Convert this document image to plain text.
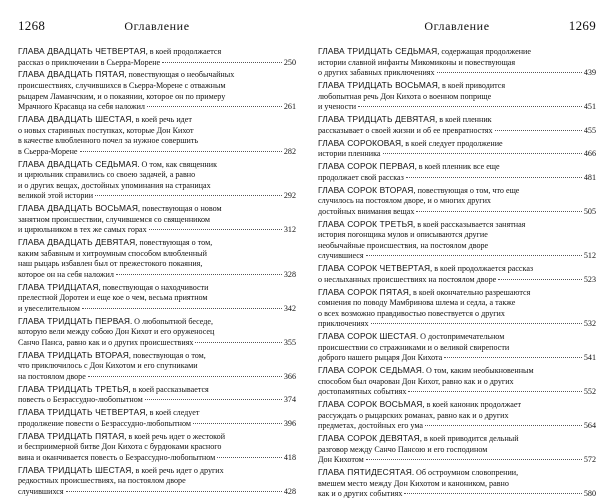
1268	Оглавление
ГЛАВА ДВАДЦАТЬ ЧЕТВЕРТАЯ, в коей продолжается

рассказ о приключении в Сьерра-Морене	250
ГЛАВА ДВАДЦАТЬ ПЯТАЯ, повествующая о необычайных
происшествиях, случившихся в Сьерра-Морене с отважным
рыцарем Ламанчским, и о покаянии, которое он по примеру

Мрачного Красавца на себя наложил	261
ГЛАВА ДВАДЦАТЬ ШЕСТАЯ, в коей речь идет
о новых старинных поступках, которые Дон Кихот
в качестве влюбленного почел за нужное совершить

в Сьерра-Морене	282
ГЛАВА ДВАДЦАТЬ СЕДЬМАЯ. О том, как священник
и цирюльник справились со своею задачей, а равно
и о других вещах, достойных упоминания на страницах

великой этой истории	292
ГЛАВА ДВАДЦАТЬ ВОСЬМАЯ, повествующая о новом
занятном происшествии, случившемся со священником

и цирюльником в тех же самых горах	312
ГЛАВА ДВАДЦАТЬ ДЕВЯТАЯ, повествующая о том,
каким забавным и хитроумным способом влюбленный
наш рыцарь избавлен был от прежестокого покаяния,

которое он на себя наложил	328
ГЛАВА ТРИДЦАТАЯ, повествующая о находчивости
прелестной Доротеи и еще кое о чем, весьма приятном

и увеселительном	342
ГЛАВА ТРИДЦАТЬ ПЕРВАЯ. О любопытной беседе,
которую вели между собою Дон Кихот и его оруженосец

Санчо Панса, равно как и о других происшествиях	355
ГЛАВА ТРИДЦАТЬ ВТОРАЯ, повествующая о том,
что приключилось с Дон Кихотом и его спутниками

на постоялом дворе	366
ГЛАВА ТРИДЦАТЬ ТРЕТЬЯ, в коей рассказывается

повесть о Безрассудно-любопытном	374
ГЛАВА ТРИДЦАТЬ ЧЕТВЕРТАЯ, в коей следует

продолжение повести о Безрассудно-любопытном	396
ГЛАВА ТРИДЦАТЬ ПЯТАЯ, в коей речь идет о жестокой
и бесприимерной битве Дон Кихота с бурдюками красного

вина и оканчивается повесть о Безрассудно-любопытном	418
ГЛАВА ТРИДЦАТЬ ШЕСТАЯ, в коей речь идет о других
редкостных происшествиях, на постоялом дворе

случившихся	428
Оглавление	1269
ГЛАВА ТРИДЦАТЬ СЕДЬМАЯ, содержащая продолжение
истории славной инфанты Микомиконы и повествующая

о других забавных приключениях	439
ГЛАВА ТРИДЦАТЬ ВОСЬМАЯ, в коей приводится
любопытная речь Дон Кихота о военном поприще

и учености	451
ГЛАВА ТРИДЦАТЬ ДЕВЯТАЯ, в коей пленник

рассказывает о своей жизни и об ее превратностях	455
ГЛАВА СОРОКОВАЯ, в коей следует продолжение

истории пленника	466
ГЛАВА СОРОК ПЕРВАЯ, в коей пленник все еще

продолжает свой рассказ	481
ГЛАВА СОРОК ВТОРАЯ, повествующая о том, что еще
случилось на постоялом дворе, и о многих других

достойных внимания вещах	505
ГЛАВА СОРОК ТРЕТЬЯ, в коей рассказывается занятная
история погонщика мулов и описываются другие
необычайные происшествия, на постоялом дворе

случившиеся	512
ГЛАВА СОРОК ЧЕТВЕРТАЯ, в коей продолжается рассказ

о неслыханных происшествиях на постоялом дворе	523
ГЛАВА СОРОК ПЯТАЯ, в коей окончательно разрешаются
сомнения по поводу Мамбринова шлема и седла, а также
о всех возможно правдивостью повествуется о других

приключениях	532
ГЛАВА СОРОК ШЕСТАЯ. О достопримечательном
происшествии со стражниками и о великой свирепости

доброго нашего рыцаря Дон Кихота	541
ГЛАВА СОРОК СЕДЬМАЯ. О том, каким необыкновенным
способом был очарован Дон Кихот, равно как и о других

достопамятных событиях	552
ГЛАВА СОРОК ВОСЬМАЯ, в коей каноник продолжает
рассуждать о рыцарских романах, равно как и о других

предметах, достойных его ума	564
ГЛАВА СОРОК ДЕВЯТАЯ, в коей приводится дельный
разговор между Санчо Пансою и его господином

Дон Кихотом	572
ГЛАВА ПЯТИДЕСЯТАЯ. Об остроумном словопрении,
вмешем место между Дон Кихотом и каноником, равно

как и о других событиях	580
